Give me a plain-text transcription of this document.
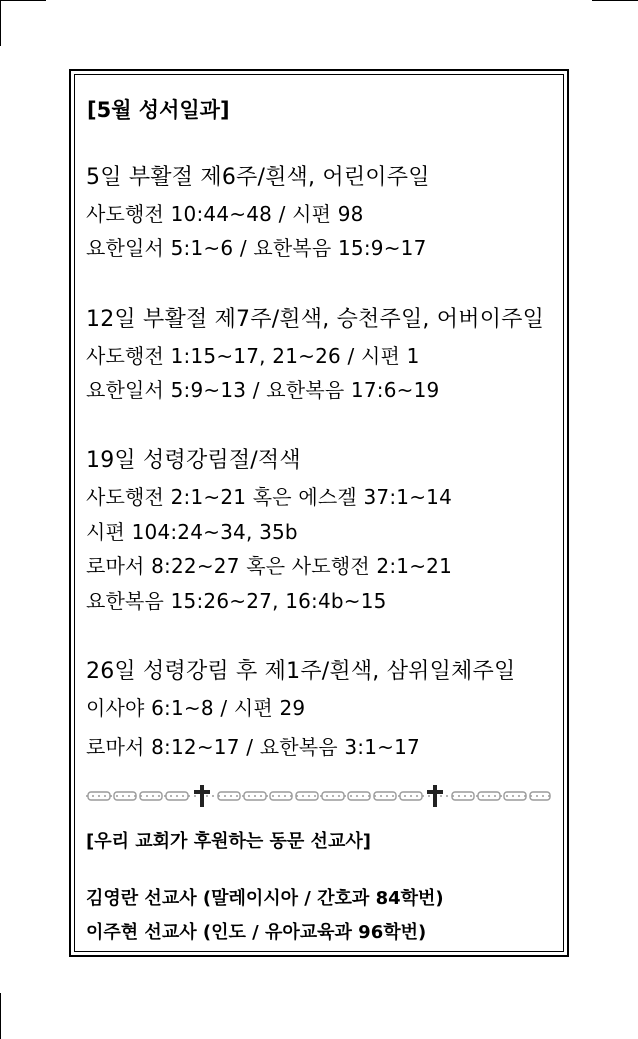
[5월 성서일과]
5일 부활절 제6주/흰색, 어린이주일
사도행전 10:44~48 / 시편 98
요한일서 5:1~6 / 요한복음 15:9~17
12일 부활절 제7주/흰색, 승천주일, 어버이주일
사도행전 1:15~17, 21~26 / 시편 1
요한일서 5:9~13 / 요한복음 17:6~19
19일 성령강림절/적색
사도행전 2:1~21 혹은 에스겔 37:1~14
시편 104:24~34, 35b
로마서 8:22~27 혹은 사도행전 2:1~21
요한복음 15:26~27, 16:4b~15
26일 성령강림 후 제1주/흰색, 삼위일체주일
이사야 6:1~8 / 시편 29
로마서 8:12~17 / 요한복음 3:1~17
[우리 교회가 후원하는 동문 선교사]
김영란 선교사 (말레이시아 / 간호과 84학번)
이주현 선교사 (인도 / 유아교육과 96학번)
